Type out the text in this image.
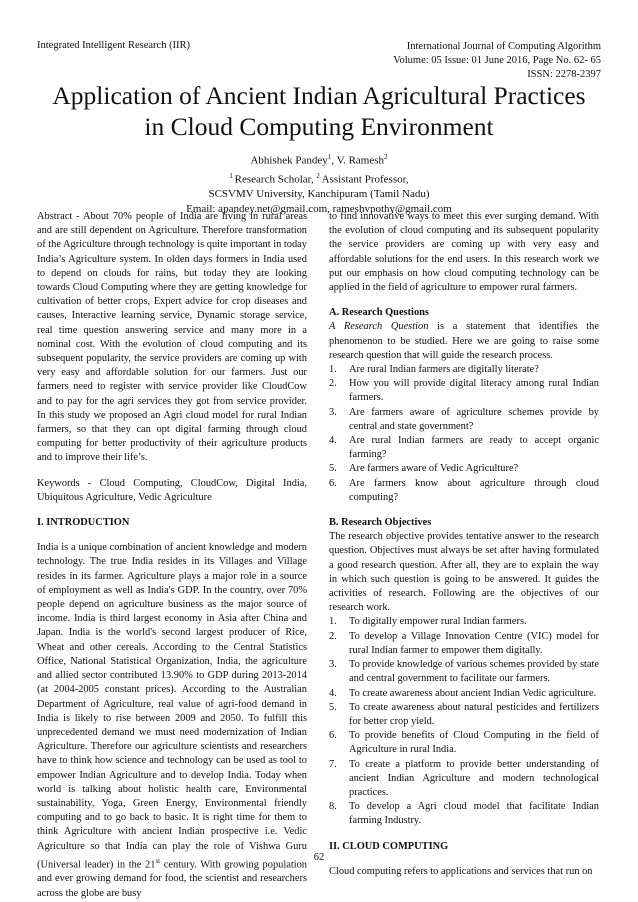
Integrated Intelligent Research (IIR)	International Journal of Computing Algorithm
Volume: 05 Issue: 01 June 2016, Page No. 62- 65
ISSN: 2278-2397
Application of Ancient Indian Agricultural Practices
in Cloud Computing Environment
Abhishek Pandey$^1$, V. Ramesh$^2$
$^1$ Research Scholar, $^2$ Assistant Professor,
SCSVMV University, Kanchipuram (Tamil Nadu)
Email: apandey.net@gmail.com, rameshvpothy@gmail.com

Abstract - About 70% people of India are living in rural areas and are still dependent on Agriculture. Therefore transformation of the Agriculture through technology is quite important in today India’s Agriculture system. In olden days formers in India used to depend on clouds for rains, but today they are looking towards Cloud Computing where they are getting knowledge for cultivation of better crops, Expert advice for crop diseases and causes, Interactive learning service, Dynamic storage service, real time question answering service and many more in a nominal cost. With the evolution of cloud computing and its subsequent popularity, the service providers are coming up with very easy and affordable solution for our farmers. Just our farmers need to register with service provider like CloudCow and to pay for the agri services they got from service provider. In this study we proposed an Agri cloud model for rural Indian farmers, so that they can opt digital farming through cloud computing for better productivity of their agriculture products and to improve their life’s.

Keywords - Cloud Computing, CloudCow, Digital India, Ubiquitous Agriculture, Vedic Agriculture

I. INTRODUCTION

India is a unique combination of ancient knowledge and modern technology. The true India resides in its Villages and Village resides in its farmer. Agriculture plays a major role in a source of employment as well as India's GDP. In the country, over 70% people depend on agriculture business as the major source of income. India is third largest economy in Asia after China and Japan. India is the world's second largest producer of Rice, Wheat and other cereals. According to the Central Statistics Office, National Statistical Organization, India, the agriculture and allied sector contributed 13.90% to GDP during 2013-2014 (at 2004-2005 constant prices). According to the Australian Department of Agriculture, real value of agri-food demand in India is likely to rise between 2009 and 2050. To fulfill this unprecedented demand we must need modernization of Indian Agriculture. Therefore our agriculture scientists and researchers have to think how science and technology can be used as tool to empower Indian Agriculture and to develop India. Today when world is talking about holistic health care, Environmental sustainability, Yoga, Green Energy, Environmental friendly computing and to go back to basic. It is right time for them to think Agriculture with ancient Indian prospective i.e. Vedic Agriculture so that India can play the role of Vishwa Guru (Universal leader) in the 21st century. With growing population and ever growing demand for food, the scientist and researchers across the globe are busy

to find innovative ways to meet this ever surging demand. With the evolution of cloud computing and its subsequent popularity the service providers are coming up with very easy and affordable solutions for the end users. In this research work we put our emphasis on how cloud computing technology can be applied in the field of agriculture to empower rural farmers.

A. Research Questions

A Research Question is a statement that identifies the phenomenon to be studied. Here we are going to raise some research question that will guide the research process.

1.	Are rural Indian farmers are digitally literate?
2.	How you will provide digital literacy among rural Indian farmers.
3.	Are farmers aware of agriculture schemes provide by central and state government?
4.	Are rural Indian farmers are ready to accept organic farming?
5.	Are farmers aware of Vedic Agriculture?
6.	Are farmers know about agriculture through cloud computing?

B. Research Objectives

The research objective provides tentative answer to the research question. Objectives must always be set after having formulated a good research question. After all, they are to explain the way in which such question is going to be answered. It guides the activities of research. Following are the objectives of our research work.

1.	To digitally empower rural Indian farmers.
2.	To develop a Village Innovation Centre (VIC) model for rural Indian farmer to empower them digitally.
3.	To provide knowledge of various schemes provided by state and central government to facilitate our farmers.
4.	To create awareness about ancient Indian Vedic agriculture.
5.	To create awareness about natural pesticides and fertilizers for better crop yield.
6.	To provide benefits of Cloud Computing in the field of Agriculture in rural India.
7.	To create a platform to provide better understanding of ancient Indian Agriculture and modern technological practices.
8.	To develop a Agri cloud model that facilitate Indian farming Industry.

II. CLOUD COMPUTING

Cloud computing refers to applications and services that run on

62
